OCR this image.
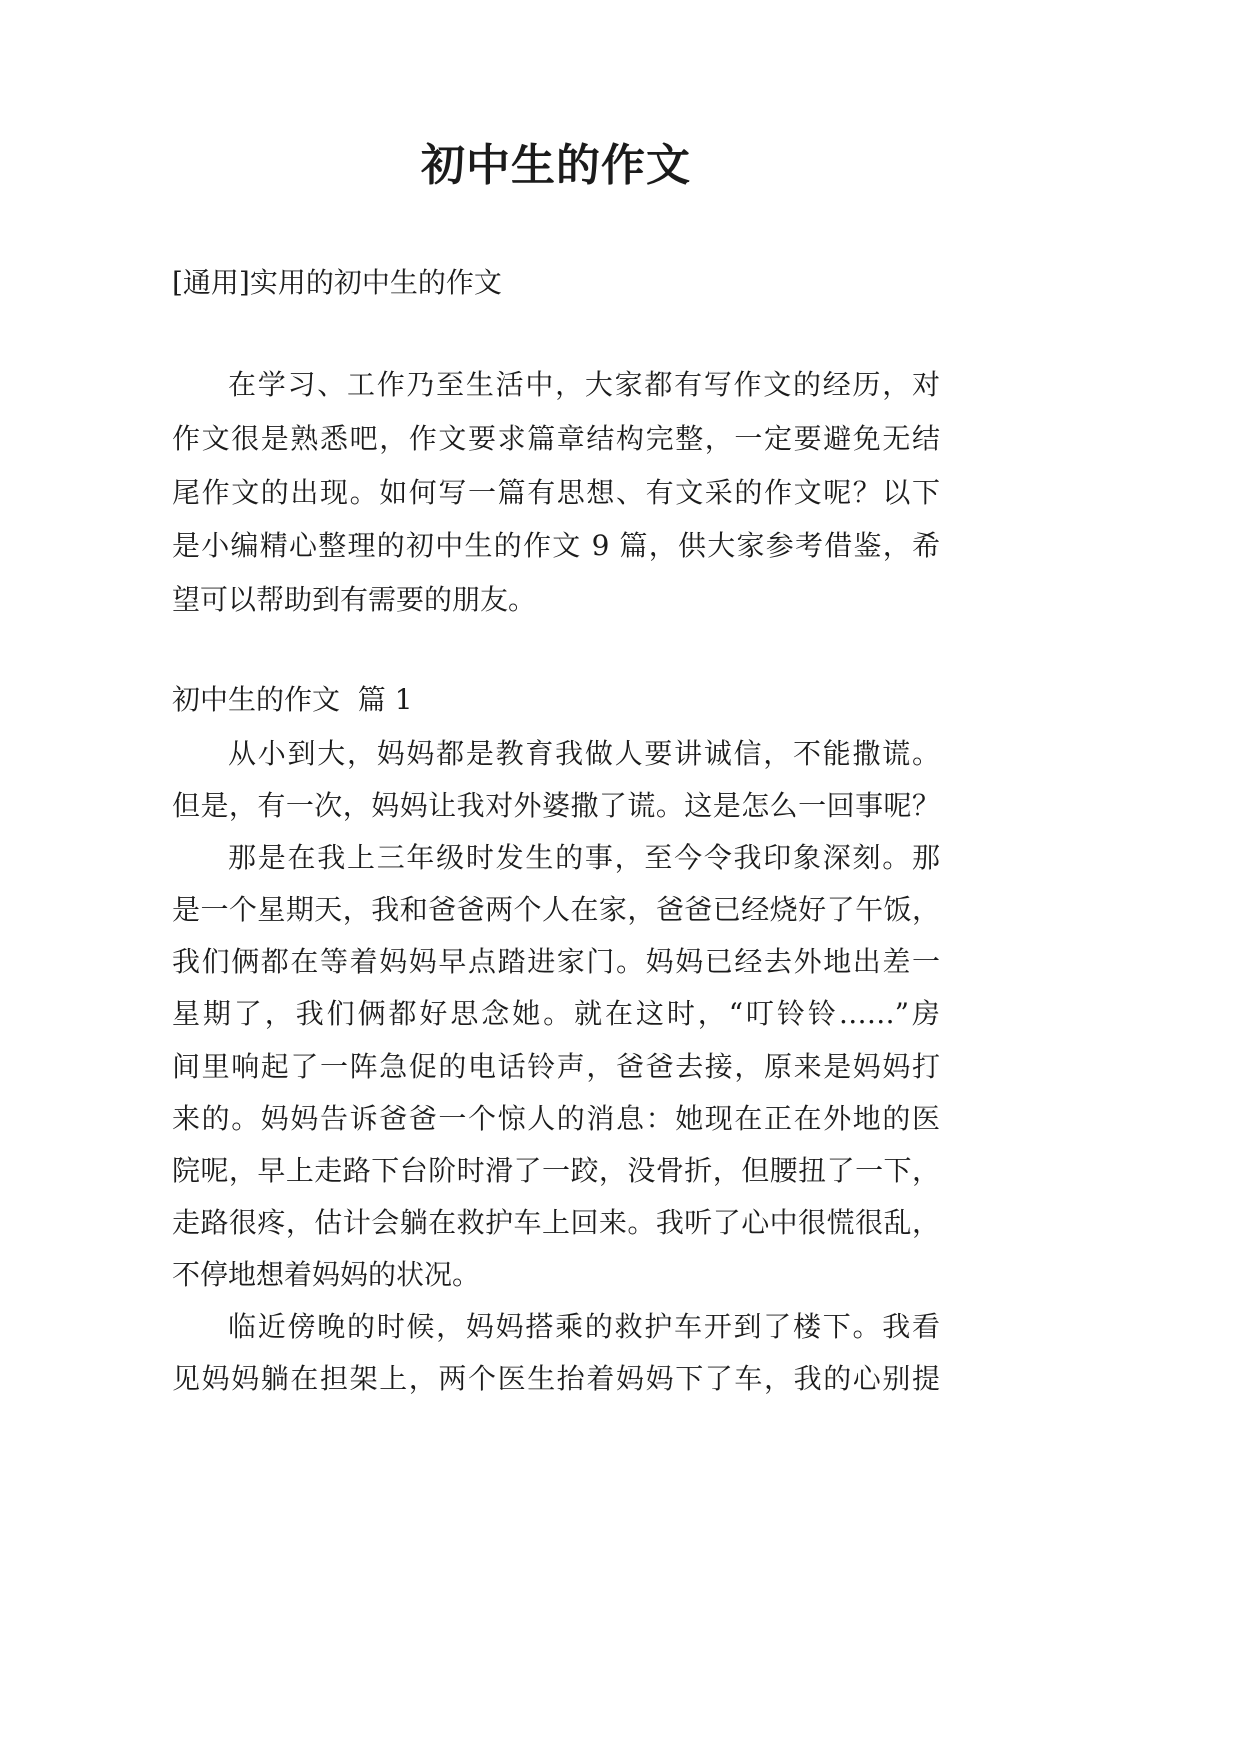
初中生的作文
[通用]实用的初中生的作文
在学习、工作乃至生活中，大家都有写作文的经历，对
作文很是熟悉吧，作文要求篇章结构完整，一定要避免无结
尾作文的出现。如何写一篇有思想、有文采的作文呢？以下
是小编精心整理的初中生的作文 9 篇，供大家参考借鉴，希
望可以帮助到有需要的朋友。
初中生的作文  篇 1
从小到大，妈妈都是教育我做人要讲诚信，不能撒谎。
但是，有一次，妈妈让我对外婆撒了谎。这是怎么一回事呢？
那是在我上三年级时发生的事，至今令我印象深刻。那
是一个星期天，我和爸爸两个人在家，爸爸已经烧好了午饭，
我们俩都在等着妈妈早点踏进家门。妈妈已经去外地出差一
星期了，我们俩都好思念她。就在这时，“叮铃铃……”房
间里响起了一阵急促的电话铃声，爸爸去接，原来是妈妈打
来的。妈妈告诉爸爸一个惊人的消息：她现在正在外地的医
院呢，早上走路下台阶时滑了一跤，没骨折，但腰扭了一下，
走路很疼，估计会躺在救护车上回来。我听了心中很慌很乱，
不停地想着妈妈的状况。
临近傍晚的时候，妈妈搭乘的救护车开到了楼下。我看
见妈妈躺在担架上，两个医生抬着妈妈下了车，我的心别提
